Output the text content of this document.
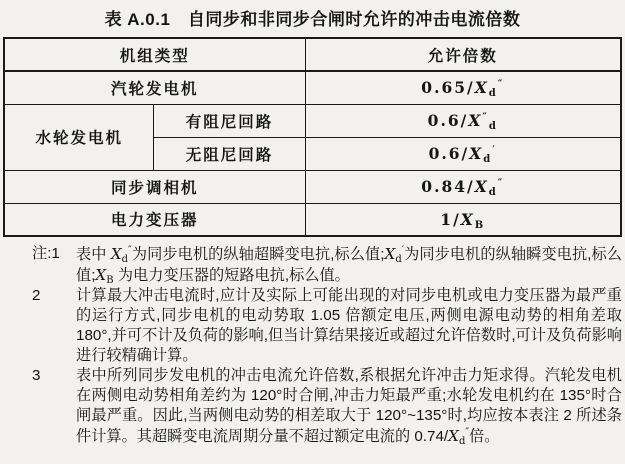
表 A.0.1　自同步和非同步合闸时允许的冲击电流倍数
机组类型		允许倍数
汽轮发电机		$0.65/X_d''$
水轮发电机	有阻尼回路	$0.6/X''_d$
	无阻尼回路	$0.6/X_d'$
同步调相机		$0.84/X_d''$
电力变压器		$1/X_B$
注:1	表中 $X_d''$为同步电机的纵轴超瞬变电抗,标么值$;X_d'$为同步电机的纵轴瞬变电抗,标么值$;X_B$ 为电力变压器的短路电抗,标么值。
2	计算最大冲击电流时,应计及实际上可能出现的对同步电机或电力变压器为最严重的运行方式,同步电机的电动势取 1.05 倍额定电压,两侧电源电动势的相角差取 180°,并可不计及负荷的影响,但当计算结果接近或超过允许倍数时,可计及负荷影响进行较精确计算。
3	表中所列同步发电机的冲击电流允许倍数,系根据允许冲击力矩求得。汽轮发电机在两侧电动势相角差约为 120°时合闸,冲击力矩最严重;水轮发电机约在 135°时合闸最严重。因此,当两侧电动势的相差取大于 120°~135°时,均应按本表注 2 所述条件计算。其超瞬变电流周期分量不超过额定电流的 $0.74/X_d''$倍。
